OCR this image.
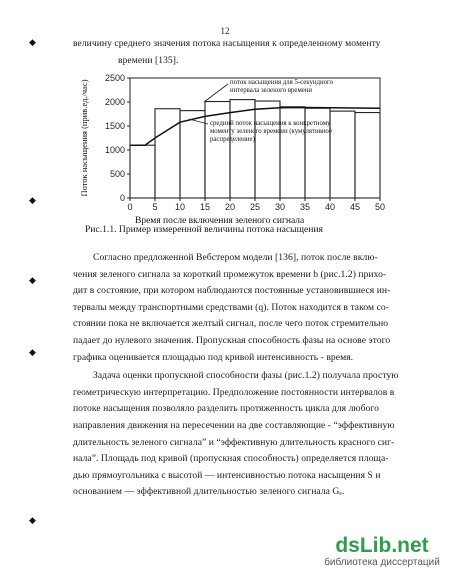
12
◆
◆
◆
◆
◆
величину среднего значения потока насыщения к определенному моменту
времени [135].
0
500
1000
1500
2000
2500
0 5 10 15 20 25 30 35 40 45 50
Время после включения зеленого сигнала
Поток насыщения (прив.ед./час)	поток насыщения для 5-секундного
интервала зеленого времени
средний поток насыщения к конкретному
моменту зеленого времени (кумулятивное
распределение)
Рис.1.1. Пример измеренной величины потока насыщения
Согласно предложенной Вебстером модели [136], поток после вклю-
чения зеленого сигнала за короткий промежуток времени b (рис.1.2) прихо-
дит в состояние, при котором наблюдаются постоянные установившиеся ин-
тервалы между транспортными средствами (q). Поток находится в таком со-
стоянии пока не включается желтый сигнал, после чего поток стремительно
падает до нулевого значения. Пропускная способность фазы на основе этого
графика оценивается площадью под кривой интенсивность - время.
Задача оценки пропускной способности фазы (рис.1.2) получала простую
геометрическую интерпретацию. Предположение постоянности интервалов в
потоке насыщения позволяло разделить протяженность цикла для любого
направления движения на пересечении на две составляющие - “эффективную
длительность зеленого сигнала” и “эффективную длительность красного сиг-
нала”. Площадь под кривой (пропускная способность) определяется площа-
дью прямоугольника с высотой — интенсивностью потока насыщения S и
основанием — эффективной длительностью зеленого сигнала Gₑ.
dsLib.net
библиотека диссертаций
